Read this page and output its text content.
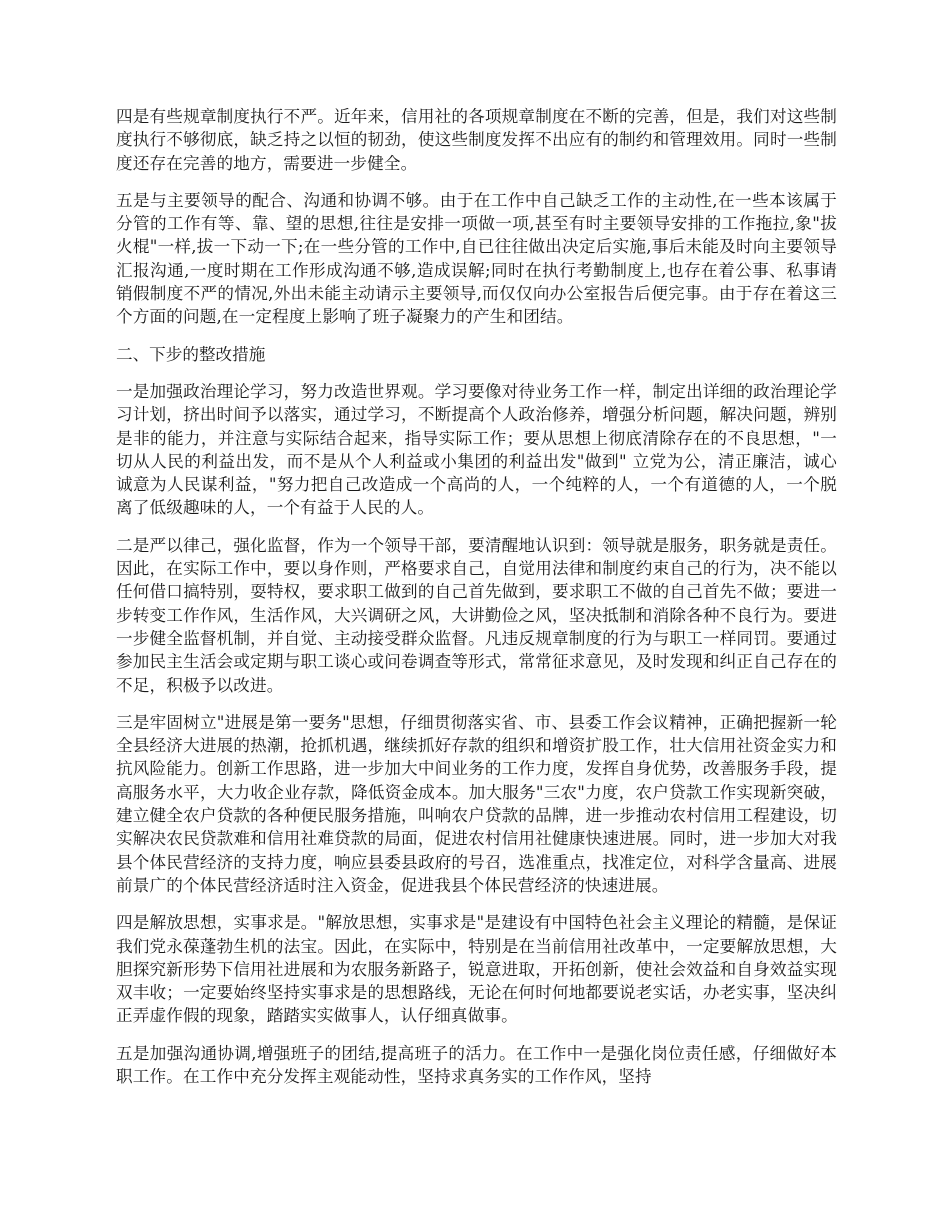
四是有些规章制度执行不严。近年来，信用社的各项规章制度在不断的完善，但是，我们对这些制度执行不够彻底，缺乏持之以恒的韧劲，使这些制度发挥不出应有的制约和管理效用。同时一些制度还存在完善的地方，需要进一步健全。

五是与主要领导的配合、沟通和协调不够。由于在工作中自己缺乏工作的主动性,在一些本该属于分管的工作有等、靠、望的思想,往往是安排一项做一项,甚至有时主要领导安排的工作拖拉,象"拔火棍"一样,拔一下动一下;在一些分管的工作中,自已往往做出决定后实施,事后未能及时向主要领导汇报沟通,一度时期在工作形成沟通不够,造成误解;同时在执行考勤制度上,也存在着公事、私事请销假制度不严的情况,外出未能主动请示主要领导,而仅仅向办公室报告后便完事。由于存在着这三个方面的问题,在一定程度上影响了班子凝聚力的产生和团结。

二、下步的整改措施

一是加强政治理论学习，努力改造世界观。学习要像对待业务工作一样，制定出详细的政治理论学习计划，挤出时间予以落实，通过学习，不断提高个人政治修养，增强分析问题，解决问题，辨别是非的能力，并注意与实际结合起来，指导实际工作；要从思想上彻底清除存在的不良思想，"一切从人民的利益出发，而不是从个人利益或小集团的利益出发"做到" 立党为公，清正廉洁，诚心诚意为人民谋利益，"努力把自己改造成一个高尚的人，一个纯粹的人，一个有道德的人，一个脱离了低级趣味的人，一个有益于人民的人。

二是严以律己，强化监督，作为一个领导干部，要清醒地认识到：领导就是服务，职务就是责任。因此，在实际工作中，要以身作则，严格要求自己，自觉用法律和制度约束自己的行为，决不能以任何借口搞特别，耍特权，要求职工做到的自己首先做到，要求职工不做的自己首先不做；要进一步转变工作作风，生活作风，大兴调研之风，大讲勤俭之风，坚决抵制和消除各种不良行为。要进一步健全监督机制，并自觉、主动接受群众监督。凡违反规章制度的行为与职工一样同罚。要通过参加民主生活会或定期与职工谈心或问卷调查等形式，常常征求意见，及时发现和纠正自己存在的不足，积极予以改进。

三是牢固树立"进展是第一要务"思想，仔细贯彻落实省、市、县委工作会议精神，正确把握新一轮全县经济大进展的热潮，抢抓机遇，继续抓好存款的组织和增资扩股工作，壮大信用社资金实力和抗风险能力。创新工作思路，进一步加大中间业务的工作力度，发挥自身优势，改善服务手段，提高服务水平，大力收企业存款，降低资金成本。加大服务"三农"力度，农户贷款工作实现新突破，建立健全农户贷款的各种便民服务措施，叫响农户贷款的品牌，进一步推动农村信用工程建设，切实解决农民贷款难和信用社难贷款的局面，促进农村信用社健康快速进展。同时，进一步加大对我县个体民营经济的支持力度，响应县委县政府的号召，选准重点，找准定位，对科学含量高、进展前景广的个体民营经济适时注入资金，促进我县个体民营经济的快速进展。

四是解放思想，实事求是。"解放思想，实事求是"是建设有中国特色社会主义理论的精髓，是保证我们党永葆蓬勃生机的法宝。因此，在实际中，特别是在当前信用社改革中，一定要解放思想，大胆探究新形势下信用社进展和为农服务新路子，锐意进取，开拓创新，使社会效益和自身效益实现双丰收；一定要始终坚持实事求是的思想路线，无论在何时何地都要说老实话，办老实事，坚决纠正弄虚作假的现象，踏踏实实做事人，认仔细真做事。

五是加强沟通协调,增强班子的团结,提高班子的活力。在工作中一是强化岗位责任感，仔细做好本职工作。在工作中充分发挥主观能动性，坚持求真务实的工作作风，坚持
